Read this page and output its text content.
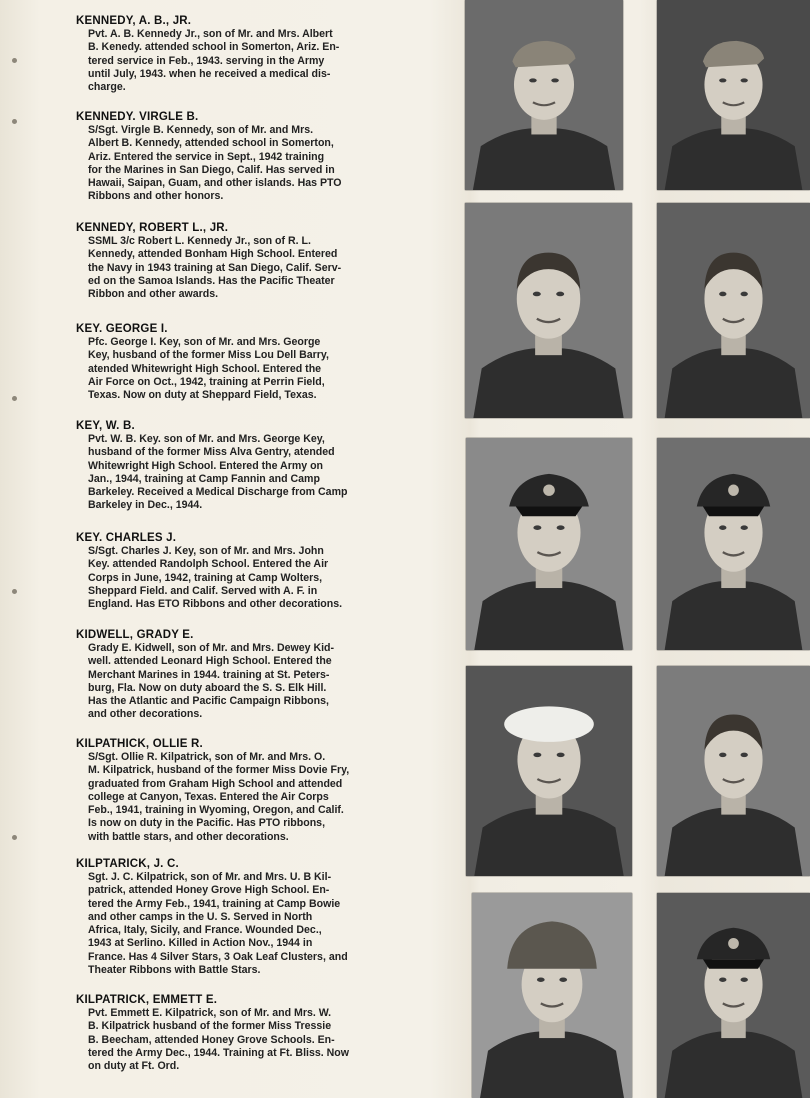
KENNEDY, A. B., JR.
Pvt. A. B. Kennedy Jr., son of Mr. and Mrs. Albert
B. Kenedy. attended school in Somerton, Ariz. En-
tered service in Feb., 1943. serving in the Army
until July, 1943. when he received a medical dis-
charge.
KENNEDY. VIRGLE B.
S/Sgt. Virgle B. Kennedy, son of Mr. and Mrs.
Albert B. Kennedy, attended school in Somerton,
Ariz. Entered the service in Sept., 1942 training
for the Marines in San Diego, Calif. Has served in
Hawaii, Saipan, Guam, and other islands. Has PTO
Ribbons and other honors.
KENNEDY, ROBERT L., JR.
SSML 3/c Robert L. Kennedy Jr., son of R. L.
Kennedy, attended Bonham High School. Entered
the Navy in 1943 training at San Diego, Calif. Serv-
ed on the Samoa Islands. Has the Pacific Theater
Ribbon and other awards.
KEY. GEORGE I.
Pfc. George I. Key, son of Mr. and Mrs. George
Key, husband of the former Miss Lou Dell Barry,
atended Whitewright High School. Entered the
Air Force on Oct., 1942, training at Perrin Field,
Texas. Now on duty at Sheppard Field, Texas.
KEY, W. B.
Pvt. W. B. Key. son of Mr. and Mrs. George Key,
husband of the former Miss Alva Gentry, atended
Whitewright High School. Entered the Army on
Jan., 1944, training at Camp Fannin and Camp
Barkeley. Received a Medical Discharge from Camp
Barkeley in Dec., 1944.
KEY. CHARLES J.
S/Sgt. Charles J. Key, son of Mr. and Mrs. John
Key. attended Randolph School. Entered the Air
Corps in June, 1942, training at Camp Wolters,
Sheppard Field. and Calif. Served with A. F. in
England. Has ETO Ribbons and other decorations.
KIDWELL, GRADY E.
Grady E. Kidwell, son of Mr. and Mrs. Dewey Kid-
well. attended Leonard High School. Entered the
Merchant Marines in 1944. training at St. Peters-
burg, Fla. Now on duty aboard the S. S. Elk Hill.
Has the Atlantic and Pacific Campaign Ribbons,
and other decorations.
KILPATHICK, OLLIE R.
S/Sgt. Ollie R. Kilpatrick, son of Mr. and Mrs. O.
M. Kilpatrick, husband of the former Miss Dovie Fry,
graduated from Graham High School and attended
college at Canyon, Texas. Entered the Air Corps
Feb., 1941, training in Wyoming, Oregon, and Calif.
Is now on duty in the Pacific. Has PTO ribbons,
with battle stars, and other decorations.
KILPTARICK, J. C.
Sgt. J. C. Kilpatrick, son of Mr. and Mrs. U. B Kil-
patrick, attended Honey Grove High School. En-
tered the Army Feb., 1941, training at Camp Bowie
and other camps in the U. S. Served in North
Africa, Italy, Sicily, and France. Wounded Dec.,
1943 at Serlino. Killed in Action Nov., 1944 in
France. Has 4 Silver Stars, 3 Oak Leaf Clusters, and
Theater Ribbons with Battle Stars.
KILPATRICK, EMMETT E.
Pvt. Emmett E. Kilpatrick, son of Mr. and Mrs. W.
B. Kilpatrick husband of the former Miss Tressie
B. Beecham, attended Honey Grove Schools. En-
tered the Army Dec., 1944. Training at Ft. Bliss. Now
on duty at Ft. Ord.
